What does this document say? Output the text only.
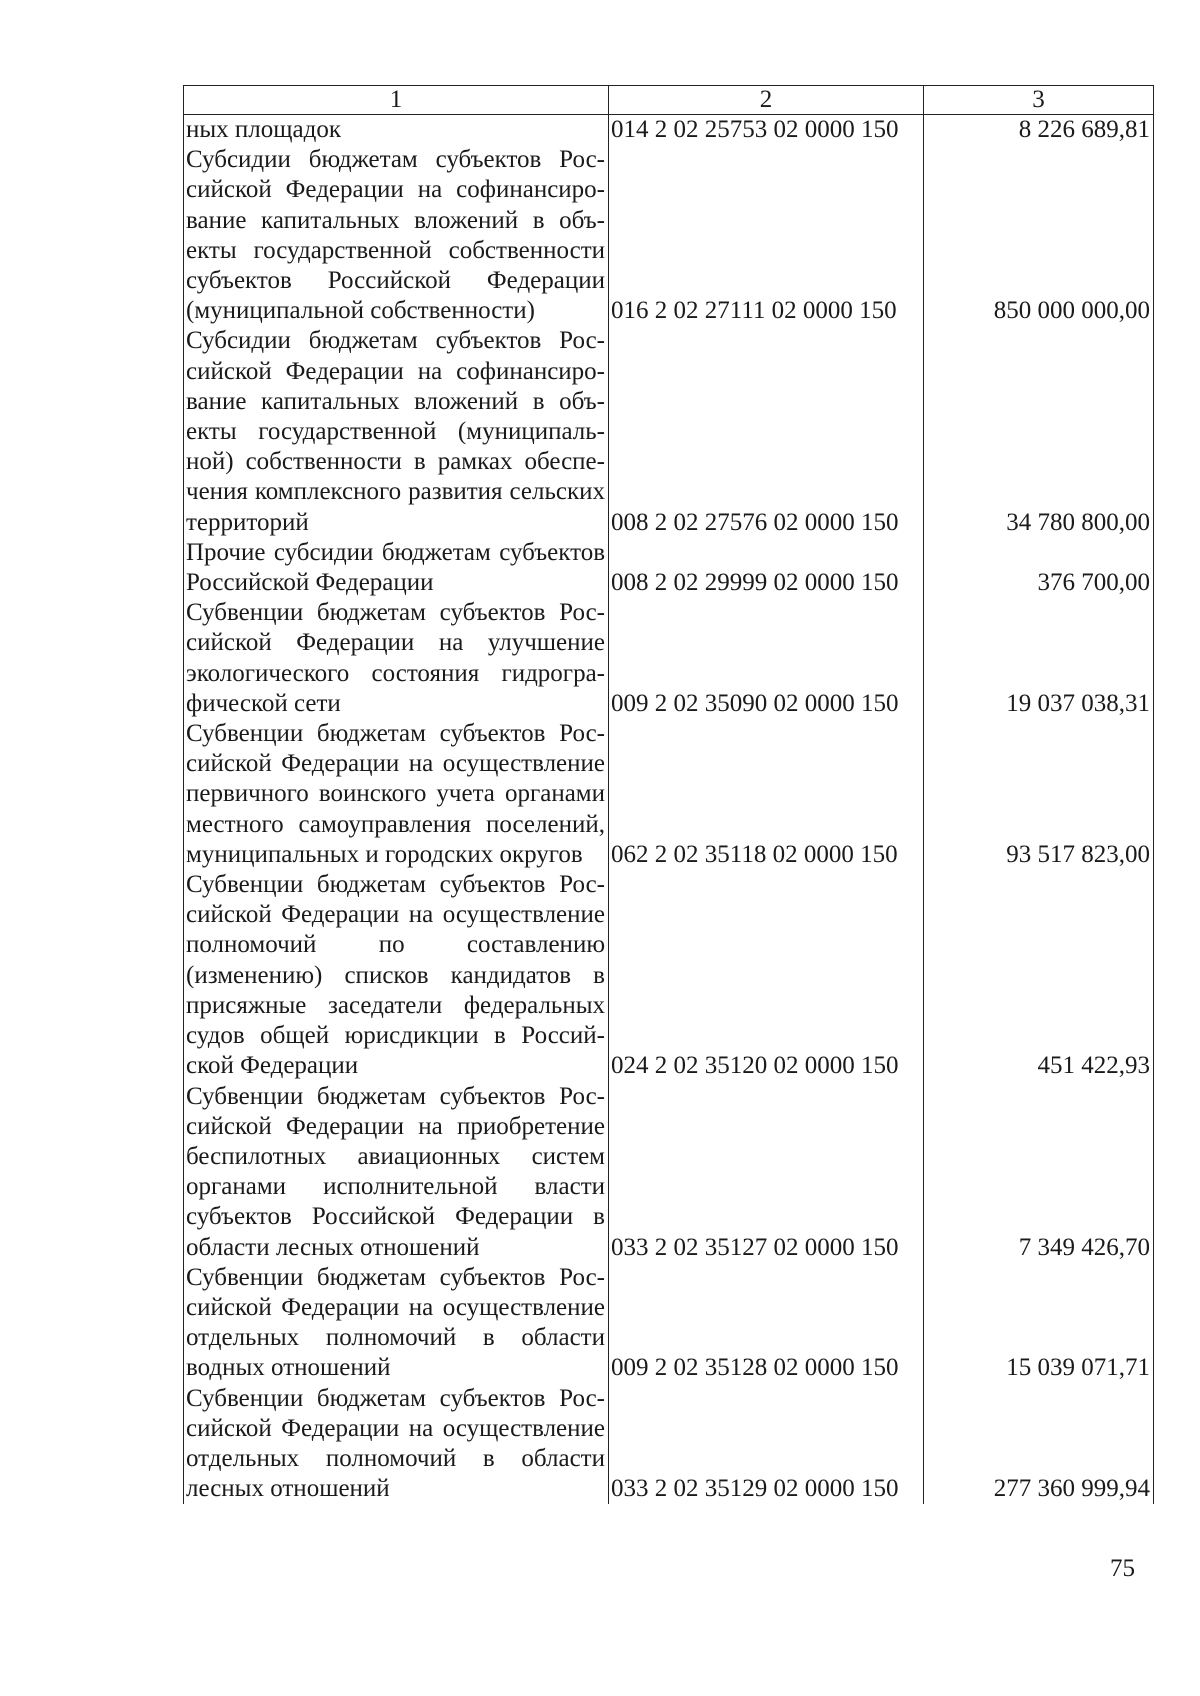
1	2	3
ных площадок	014 2 02 25753 02 0000 150	8 226 689,81
Субсидии бюджетам субъектов Российской Федерации на софинансирование капитальных вложений в объекты государственной собственности субъектов Российской Федерации (муниципальной собственности)	016 2 02 27111 02 0000 150	850 000 000,00
Субсидии бюджетам субъектов Российской Федерации на софинансирование капитальных вложений в объекты государственной (муниципальной) собственности в рамках обеспечения комплексного развития сельских территорий	008 2 02 27576 02 0000 150	34 780 800,00
Прочие субсидии бюджетам субъектов Российской Федерации	008 2 02 29999 02 0000 150	376 700,00
Субвенции бюджетам субъектов Российской Федерации на улучшение экологического состояния гидрографической сети	009 2 02 35090 02 0000 150	19 037 038,31
Субвенции бюджетам субъектов Российской Федерации на осуществление первичного воинского учета органами местного самоуправления поселений, муниципальных и городских округов	062 2 02 35118 02 0000 150	93 517 823,00
Субвенции бюджетам субъектов Российской Федерации на осуществление полномочий по составлению (изменению) списков кандидатов в присяжные заседатели федеральных судов общей юрисдикции в Российской Федерации	024 2 02 35120 02 0000 150	451 422,93
Субвенции бюджетам субъектов Российской Федерации на приобретение беспилотных авиационных систем органами исполнительной власти субъектов Российской Федерации в области лесных отношений	033 2 02 35127 02 0000 150	7 349 426,70
Субвенции бюджетам субъектов Российской Федерации на осуществление отдельных полномочий в области водных отношений	009 2 02 35128 02 0000 150	15 039 071,71
Субвенции бюджетам субъектов Российской Федерации на осуществление отдельных полномочий в области лесных отношений	033 2 02 35129 02 0000 150	277 360 999,94
75
